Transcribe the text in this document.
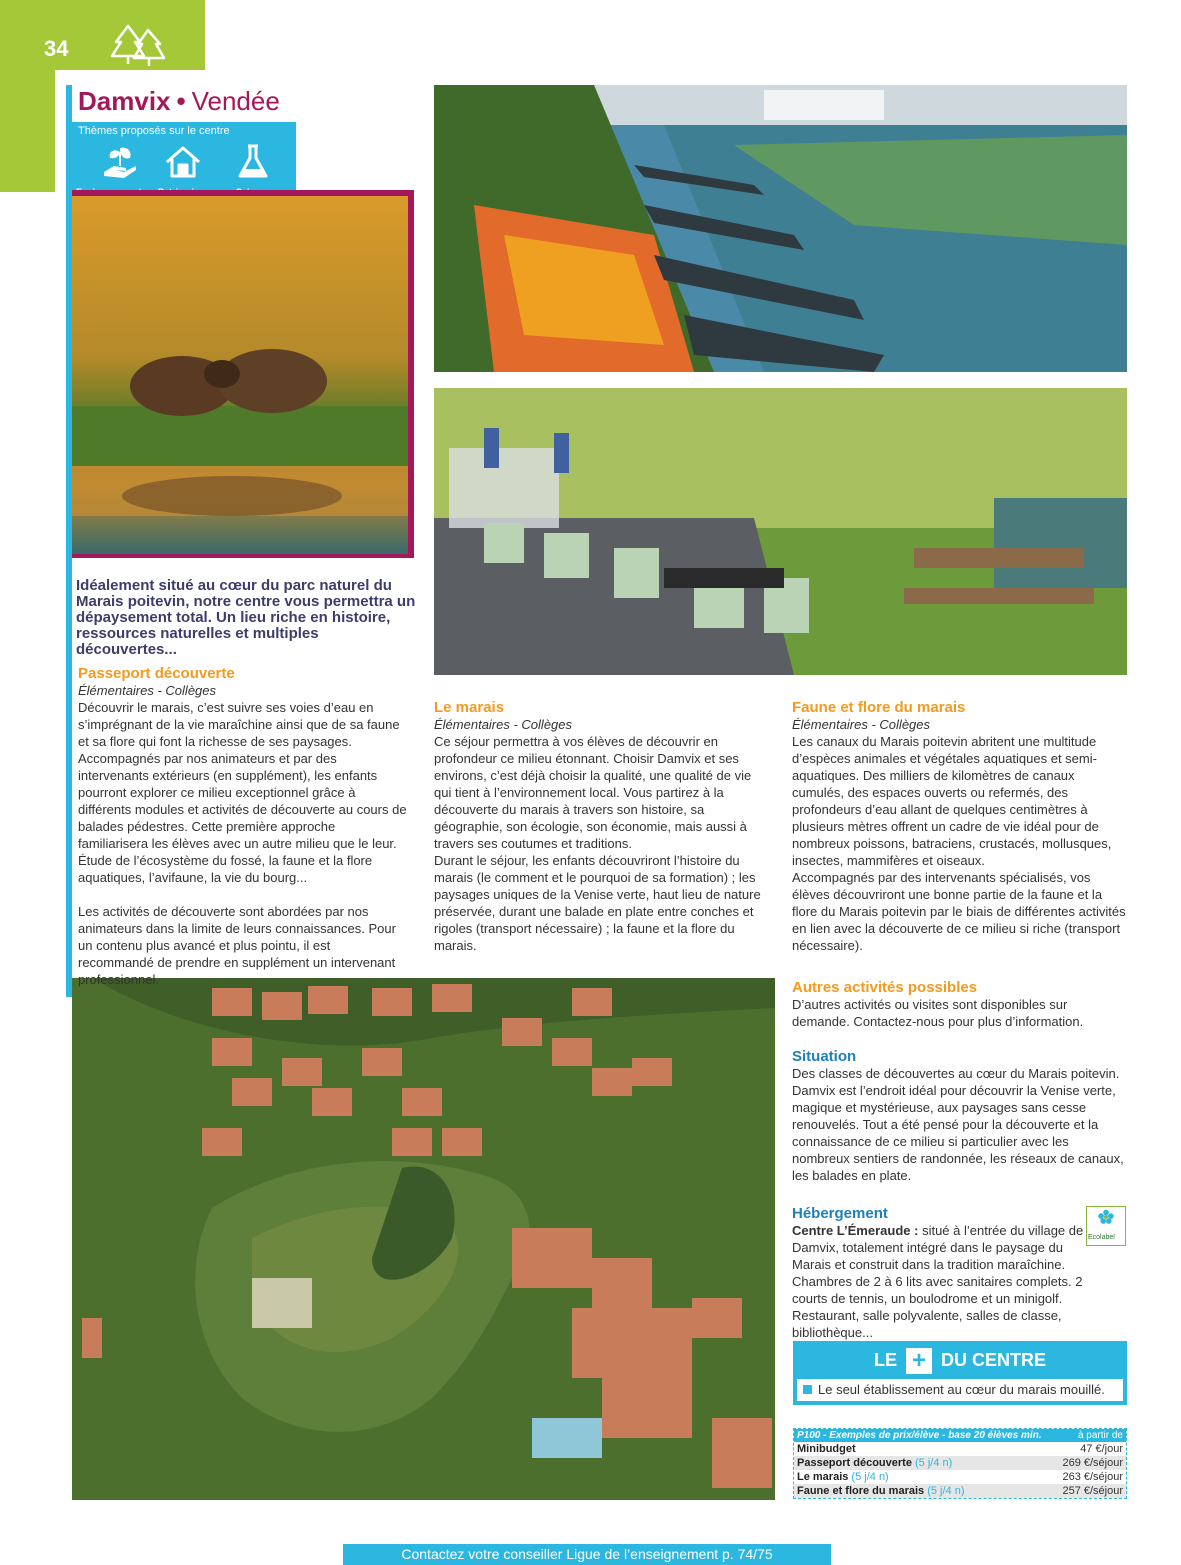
34
Damvix • Vendée
Thèmes proposés sur le centre
Idéalement situé au cœur du parc naturel du Marais poitevin, notre centre vous permettra un dépaysement total. Un lieu riche en histoire, ressources naturelles et multiples découvertes...
Passeport découverte
Élémentaires - Collèges
Découvrir le marais, c’est suivre ses voies d’eau en s’imprégnant de la vie maraîchine ainsi que de sa faune et sa flore qui font la richesse de ses paysages. Accompagnés par nos animateurs et par des intervenants extérieurs (en supplément), les enfants pourront explorer ce milieu exceptionnel grâce à différents modules et activités de découverte au cours de balades pédestres. Cette première approche familiarisera les élèves avec un autre milieu que le leur.
Étude de l’écosystème du fossé, la faune et la flore aquatiques, l’avifaune, la vie du bourg...
Les activités de découverte sont abordées par nos animateurs dans la limite de leurs connaissances. Pour un contenu plus avancé et plus pointu, il est recommandé de prendre en supplément un intervenant professionnel.
Le marais
Élémentaires - Collèges
Ce séjour permettra à vos élèves de découvrir en profondeur ce milieu étonnant. Choisir Damvix et ses environs, c’est déjà choisir la qualité, une qualité de vie qui tient à l’environnement local. Vous partirez à la découverte du marais à travers son histoire, sa géographie, son écologie, son économie, mais aussi à travers ses coutumes et traditions.
Durant le séjour, les enfants découvriront l’histoire du marais (le comment et le pourquoi de sa formation) ; les paysages uniques de la Venise verte, haut lieu de nature préservée, durant une balade en plate entre conches et rigoles (transport nécessaire) ; la faune et la flore du marais.
Faune et flore du marais
Élémentaires - Collèges
Les canaux du Marais poitevin abritent une multitude d’espèces animales et végétales aquatiques et semi-aquatiques. Des milliers de kilomètres de canaux cumulés, des espaces ouverts ou refermés, des profondeurs d’eau allant de quelques centimètres à plusieurs mètres offrent un cadre de vie idéal pour de nombreux poissons, batraciens, crustacés, mollusques, insectes, mammifères et oiseaux.
Accompagnés par des intervenants spécialisés, vos élèves découvriront une bonne partie de la faune et la flore du Marais poitevin par le biais de différentes activités en lien avec la découverte de ce milieu si riche (transport nécessaire).
Autres activités possibles
D’autres activités ou visites sont disponibles sur demande. Contactez-nous pour plus d’information.
Situation
Des classes de découvertes au cœur du Marais poitevin. Damvix est l’endroit idéal pour découvrir la Venise verte, magique et mystérieuse, aux paysages sans cesse renouvelés. Tout a été pensé pour la découverte et la connaissance de ce milieu si particulier avec les nombreux sentiers de randonnée, les réseaux de canaux, les balades en plate.
Hébergement
Centre L’Émeraude : situé à l’entrée du village de Damvix, totalement intégré dans le paysage du Marais et construit dans la tradition maraîchine. Chambres de 2 à 6 lits avec sanitaires complets. 2 courts de tennis, un boulodrome et un minigolf. Restaurant, salle polyvalente, salles de classe, bibliothèque...
Ecolabel
LE + DU CENTRE
Le seul établissement au cœur du marais mouillé.
P100 - Exemples de prix/élève - base 20 élèves min.	à partir de
Minibudget	47 €/jour
Passeport découverte (5 j/4 n)	269 €/séjour
Le marais (5 j/4 n)	263 €/séjour
Faune et flore du marais (5 j/4 n)	257 €/séjour
Contactez votre conseiller Ligue de l’enseignement p. 74/75
